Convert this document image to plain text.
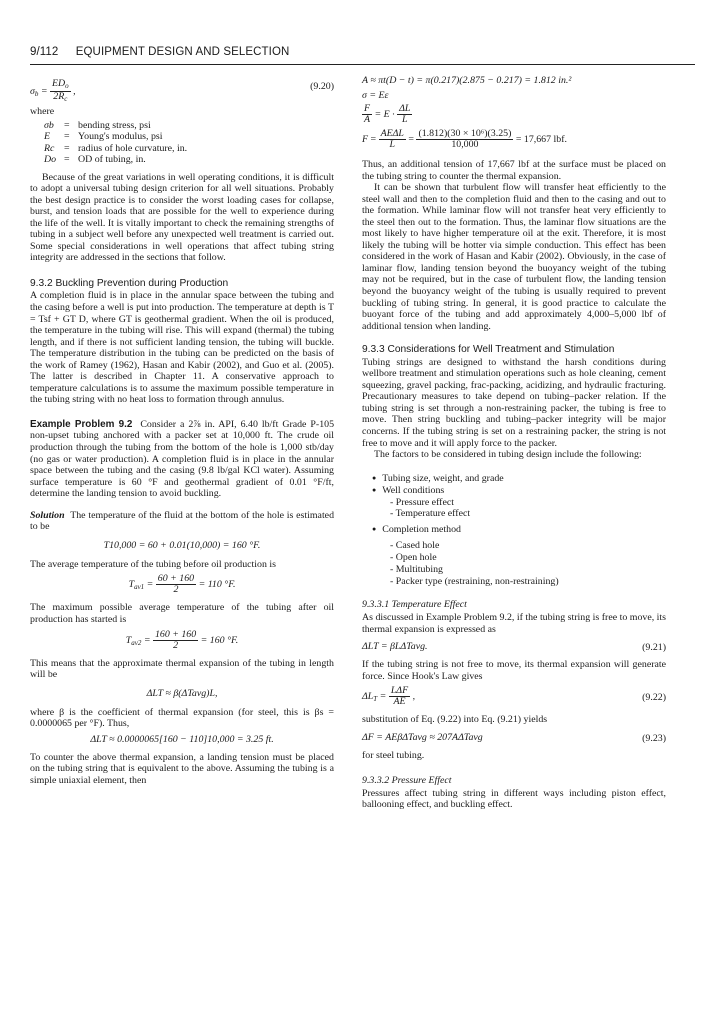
9/112 EQUIPMENT DESIGN AND SELECTION
$\sigma_b = \frac{ED_o}{2R_c}$ ,	(9.20)

where

σb = bending stress, psi
E = Young's modulus, psi
Rc = radius of hole curvature, in.
Do = OD of tubing, in.

Because of the great variations in well operating conditions, it is difficult to adopt a universal tubing design criterion for all well situations. Probably the best design practice is to consider the worst loading cases for collapse, burst, and tension loads that are possible for the well to experience during the life of the well. It is vitally important to check the remaining strengths of tubing in a subject well before any unexpected well treatment is carried out. Some special considerations in well operations that affect tubing string integrity are addressed in the sections that follow.

9.3.2 Buckling Prevention during Production

A completion fluid is in place in the annular space between the tubing and the casing before a well is put into production. The temperature at depth is T = Tsf + GT D, where GT is geothermal gradient. When the oil is produced, the temperature in the tubing will rise. This will expand (thermal) the tubing length, and if there is not sufficient landing tension, the tubing will buckle. The temperature distribution in the tubing can be predicted on the basis of the work of Ramey (1962), Hasan and Kabir (2002), and Guo et al. (2005). The latter is described in Chapter 11. A conservative approach to temperature calculations is to assume the maximum possible temperature in the tubing string with no heat loss to formation through annulus.

Example Problem 9.2 Consider a 2⅞ in. API, 6.40 lb/ft Grade P-105 non-upset tubing anchored with a packer set at 10,000 ft. The crude oil production through the tubing from the bottom of the hole is 1,000 stb/day (no gas or water production). A completion fluid is in place in the annular space between the tubing and the casing (9.8 lb/gal KCl water). Assuming surface temperature is 60 °F and geothermal gradient of 0.01 °F/ft, determine the landing tension to avoid buckling.

Solution The temperature of the fluid at the bottom of the hole is estimated to be

T10,000 = 60 + 0.01(10,000) = 160 °F.

The average temperature of the tubing before oil production is

$T_{av1} = \frac{60 + 160}{2} = 110$ °F.

The maximum possible average temperature of the tubing after oil production has started is

$T_{av2} = \frac{160 + 160}{2} = 160$ °F.

This means that the approximate thermal expansion of the tubing in length will be

ΔLT ≈ β(ΔTavg)L,

where β is the coefficient of thermal expansion (for steel, this is βs = 0.0000065 per °F). Thus,

ΔLT ≈ 0.0000065[160 − 110]10,000 = 3.25 ft.

To counter the above thermal expansion, a landing tension must be placed on the tubing string that is equivalent to the above. Assuming the tubing is a simple uniaxial element, then

A ≈ πt(D − t) = π(0.217)(2.875 − 0.217) = 1.812 in.²
σ = Eε
$\frac{F}{A} = E \cdot \frac{\Delta L}{L}$
$F = \frac{\text{AEΔL}}{L} = \frac{\text{(1.812)(30 × 10⁶)(3.25)}}{10,000} = 17,667$ lbf.

Thus, an additional tension of 17,667 lbf at the surface must be placed on the tubing string to counter the thermal expansion.

It can be shown that turbulent flow will transfer heat efficiently to the steel wall and then to the completion fluid and then to the casing and out to the formation. While laminar flow will not transfer heat very efficiently to the steel then out to the formation. Thus, the laminar flow situations are the most likely to have higher temperature oil at the exit. Therefore, it is most likely the tubing will be hotter via simple conduction. This effect has been considered in the work of Hasan and Kabir (2002). Obviously, in the case of laminar flow, landing tension beyond the buoyancy weight of the tubing may not be required, but in the case of turbulent flow, the landing tension beyond the buoyancy weight of the tubing is usually required to prevent buckling of tubing string. In general, it is good practice to calculate the buoyant force of the tubing and add approximately 4,000–5,000 lbf of additional tension when landing.

9.3.3 Considerations for Well Treatment and Stimulation

Tubing strings are designed to withstand the harsh conditions during wellbore treatment and stimulation operations such as hole cleaning, cement squeezing, gravel packing, frac-packing, acidizing, and hydraulic fracturing. Precautionary measures to take depend on tubing–packer relation. If the tubing string is set through a non-restraining packer, the tubing is free to move. Then string buckling and tubing–packer integrity will be major concerns. If the tubing string is set on a restraining packer, the string is not free to move and it will apply force to the packer.

The factors to be considered in tubing design include the following:

● Tubing size, weight, and grade
● Well conditions
- Pressure effect
- Temperature effect
● Completion method
- Cased hole
- Open hole
- Multitubing
- Packer type (restraining, non-restraining)
9.3.3.1 Temperature Effect

As discussed in Example Problem 9.2, if the tubing string is free to move, its thermal expansion is expressed as

ΔLT = βLΔTavg.	(9.21)

If the tubing string is not free to move, its thermal expansion will generate force. Since Hook's Law gives

$\Delta L_T = \frac{\text{LΔF}}{AE}$ ,	(9.22)

substitution of Eq. (9.22) into Eq. (9.21) yields

ΔF = AEβΔTavg ≈ 207AΔTavg	(9.23)

for steel tubing.

9.3.3.2 Pressure Effect

Pressures affect tubing string in different ways including piston effect, ballooning effect, and buckling effect.
